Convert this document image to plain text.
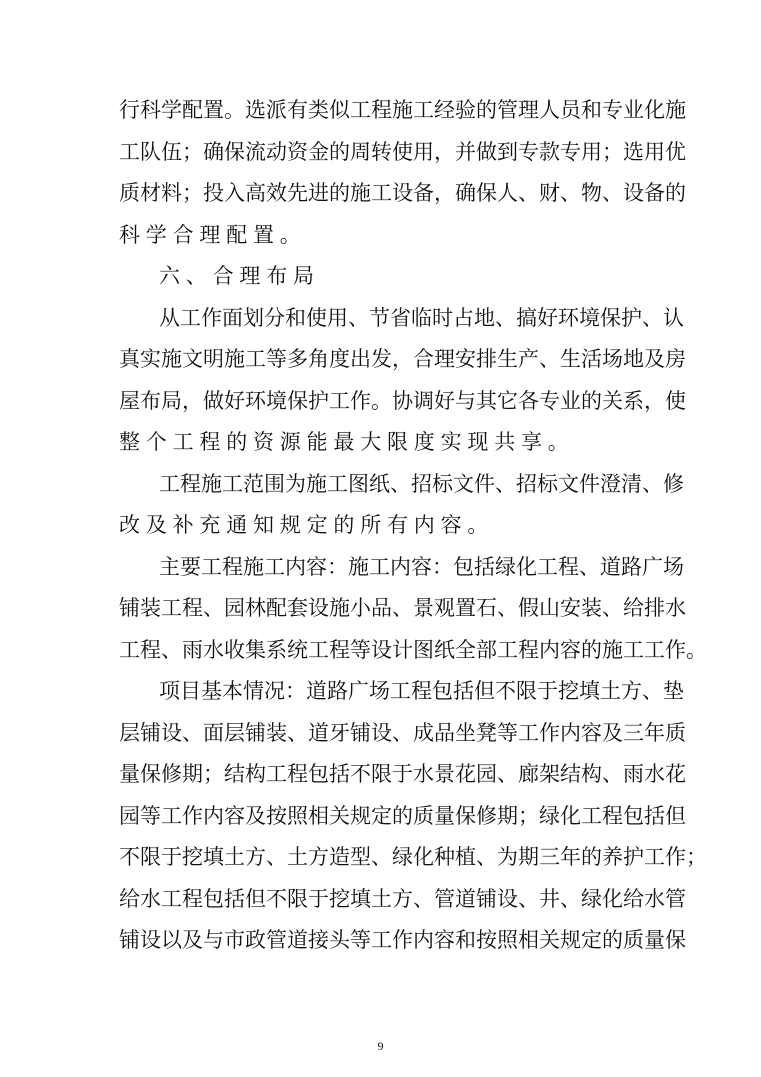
行科学配置。选派有类似工程施工经验的管理人员和专业化施
工队伍；确保流动资金的周转使用，并做到专款专用；选用优
质材料；投入高效先进的施工设备，确保人、财、物、设备的
科学合理配置。
六、合理布局
从工作面划分和使用、节省临时占地、搞好环境保护、认
真实施文明施工等多角度出发，合理安排生产、生活场地及房
屋布局，做好环境保护工作。协调好与其它各专业的关系，使
整个工程的资源能最大限度实现共享。
工程施工范围为施工图纸、招标文件、招标文件澄清、修
改及补充通知规定的所有内容。
主要工程施工内容：施工内容：包括绿化工程、道路广场
铺装工程、园林配套设施小品、景观置石、假山安装、给排水
工程、雨水收集系统工程等设计图纸全部工程内容的施工工作。
项目基本情况：道路广场工程包括但不限于挖填土方、垫
层铺设、面层铺装、道牙铺设、成品坐凳等工作内容及三年质
量保修期；结构工程包括不限于水景花园、廊架结构、雨水花
园等工作内容及按照相关规定的质量保修期；绿化工程包括但
不限于挖填土方、土方造型、绿化种植、为期三年的养护工作；
给水工程包括但不限于挖填土方、管道铺设、井、绿化给水管
铺设以及与市政管道接头等工作内容和按照相关规定的质量保
9
